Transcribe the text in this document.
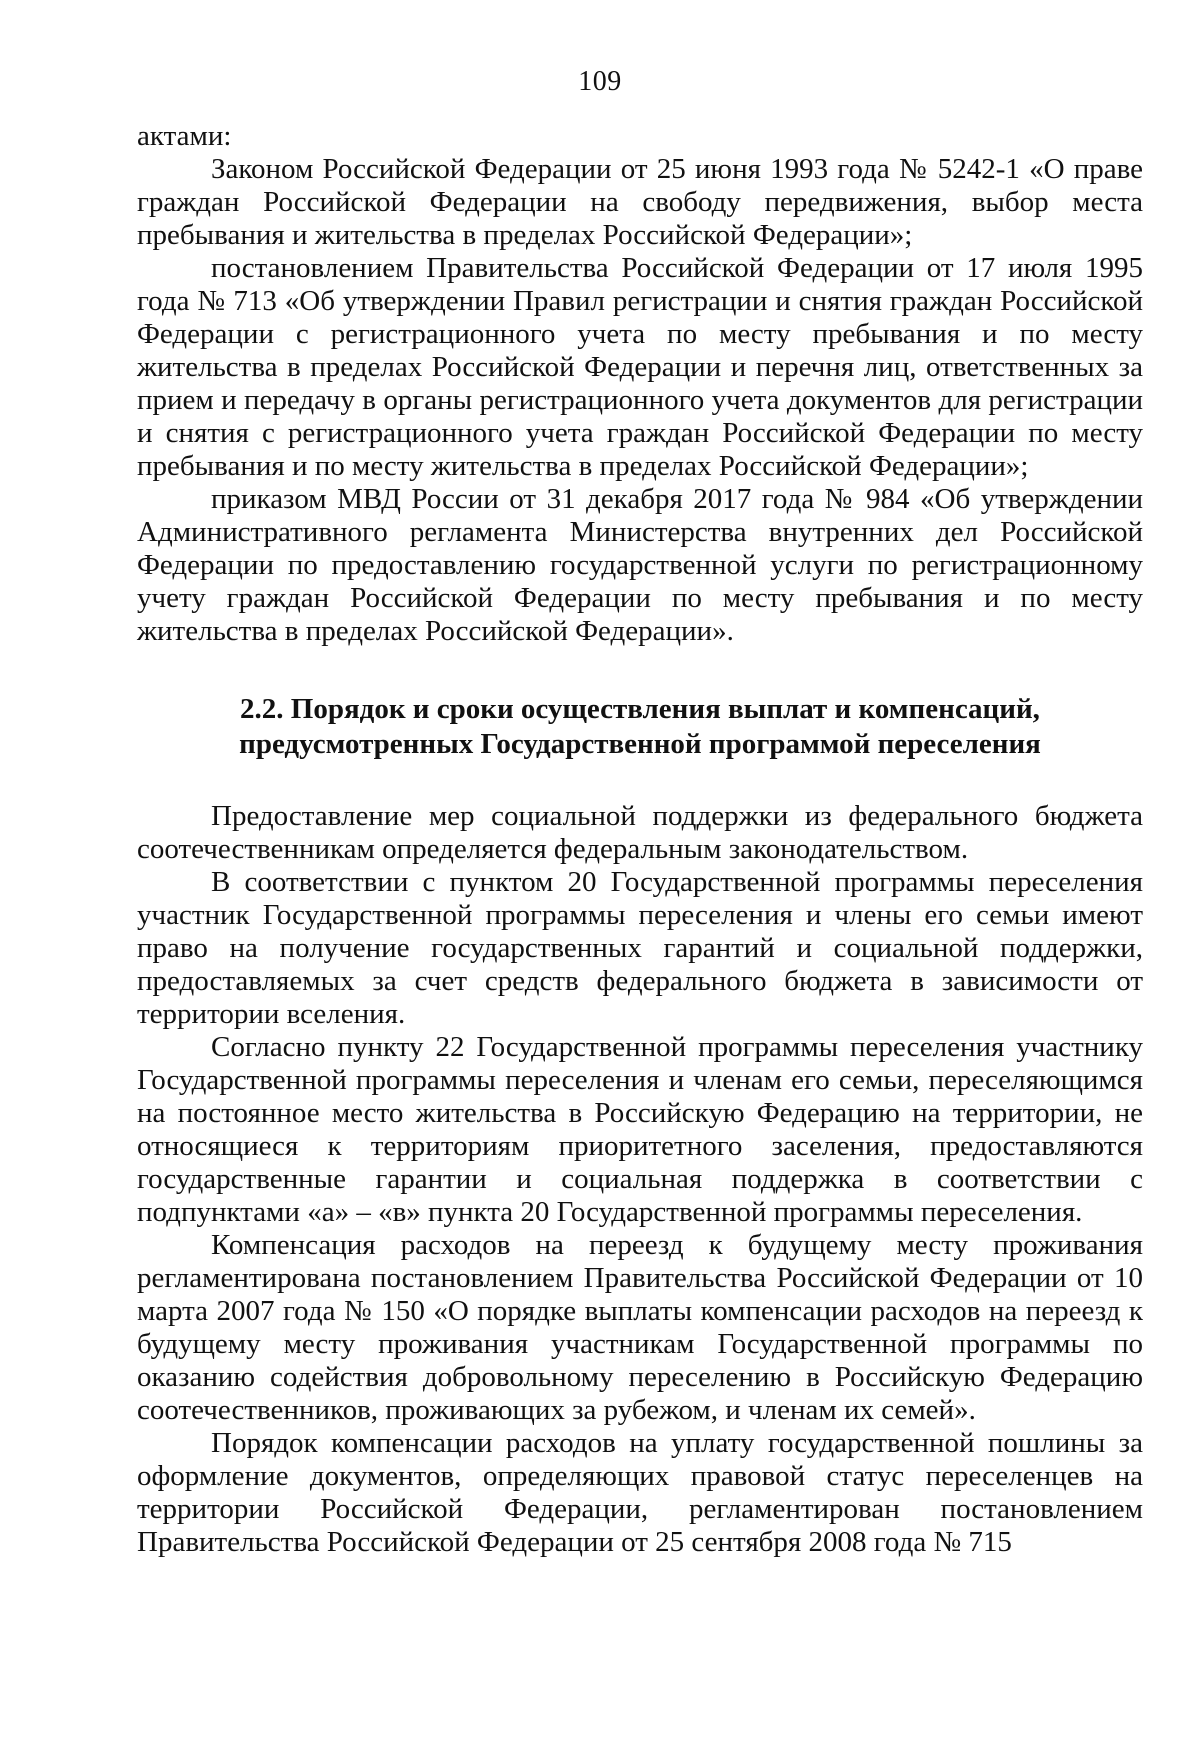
109

актами:

Законом Российской Федерации от 25 июня 1993 года № 5242-1 «О праве граждан Российской Федерации на свободу передвижения, выбор места пребывания и жительства в пределах Российской Федерации»;

постановлением Правительства Российской Федерации от 17 июля 1995 года № 713 «Об утверждении Правил регистрации и снятия граждан Российской Федерации с регистрационного учета по месту пребывания и по месту жительства в пределах Российской Федерации и перечня лиц, ответственных за прием и передачу в органы регистрационного учета документов для регистрации и снятия с регистрационного учета граждан Российской Федерации по месту пребывания и по месту жительства в пределах Российской Федерации»;

приказом МВД России от 31 декабря 2017 года № 984 «Об утверждении Административного регламента Министерства внутренних дел Российской Федерации по предоставлению государственной услуги по регистрационному учету граждан Российской Федерации по месту пребывания и по месту жительства в пределах Российской Федерации».

2.2. Порядок и сроки осуществления выплат и компенсаций,
предусмотренных Государственной программой переселения

Предоставление мер социальной поддержки из федерального бюджета соотечественникам определяется федеральным законодательством.

В соответствии с пунктом 20 Государственной программы переселения участник Государственной программы переселения и члены его семьи имеют право на получение государственных гарантий и социальной поддержки, предоставляемых за счет средств федерального бюджета в зависимости от территории вселения.

Согласно пункту 22 Государственной программы переселения участнику Государственной программы переселения и членам его семьи, переселяющимся на постоянное место жительства в Российскую Федерацию на территории, не относящиеся к территориям приоритетного заселения, предоставляются государственные гарантии и социальная поддержка в соответствии с подпунктами «а» – «в» пункта 20 Государственной программы переселения.

Компенсация расходов на переезд к будущему месту проживания регламентирована постановлением Правительства Российской Федерации от 10 марта 2007 года № 150 «О порядке выплаты компенсации расходов на переезд к будущему месту проживания участникам Государственной программы по оказанию содействия добровольному переселению в Российскую Федерацию соотечественников, проживающих за рубежом, и членам их семей».

Порядок компенсации расходов на уплату государственной пошлины за оформление документов, определяющих правовой статус переселенцев на территории Российской Федерации, регламентирован постановлением Правительства Российской Федерации от 25 сентября 2008 года № 715
